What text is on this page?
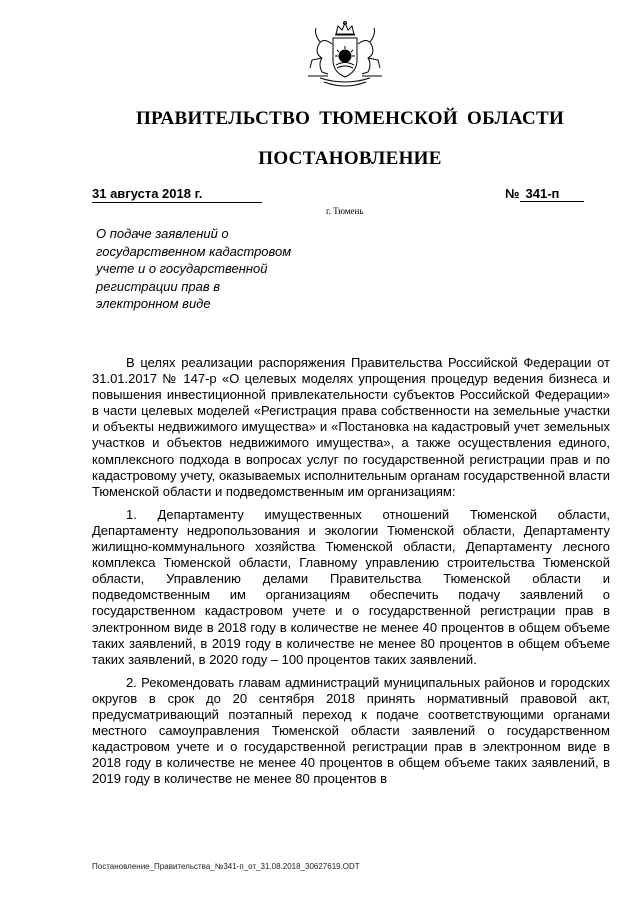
ПРАВИТЕЛЬСТВО ТЮМЕНСКОЙ ОБЛАСТИ
ПОСТАНОВЛЕНИЕ
31 августа 2018 г.	№ 341-п
г. Тюмень
О подаче заявлений о
государственном кадастровом
учете и о государственной
регистрации прав в
электронном виде

В целях реализации распоряжения Правительства Российской Федерации от 31.01.2017 № 147-р «О целевых моделях упрощения процедур ведения бизнеса и повышения инвестиционной привлекательности субъектов Российской Федерации» в части целевых моделей «Регистрация права собственности на земельные участки и объекты недвижимого имущества» и «Постановка на кадастровый учет земельных участков и объектов недвижимого имущества», а также осуществления единого, комплексного подхода в вопросах услуг по государственной регистрации прав и по кадастровому учету, оказываемых исполнительным органам государственной власти Тюменской области и подведомственным им организациям:

1. Департаменту имущественных отношений Тюменской области, Департаменту недропользования и экологии Тюменской области, Департаменту жилищно-коммунального хозяйства Тюменской области, Департаменту лесного комплекса Тюменской области, Главному управлению строительства Тюменской области, Управлению делами Правительства Тюменской области и подведомственным им организациям обеспечить подачу заявлений о государственном кадастровом учете и о государственной регистрации прав в электронном виде в 2018 году в количестве не менее 40 процентов в общем объеме таких заявлений, в 2019 году в количестве не менее 80 процентов в общем объеме таких заявлений, в 2020 году – 100 процентов таких заявлений.

2. Рекомендовать главам администраций муниципальных районов и городских округов в срок до 20 сентября 2018 принять нормативный правовой акт, предусматривающий поэтапный переход к подаче соответствующими органами местного самоуправления Тюменской области заявлений о государственном кадастровом учете и о государственной регистрации прав в электронном виде в 2018 году в количестве не менее 40 процентов в общем объеме таких заявлений, в 2019 году в количестве не менее 80 процентов в

Постановление_Правительства_№341-п_от_31.08.2018_30627619.ODT
